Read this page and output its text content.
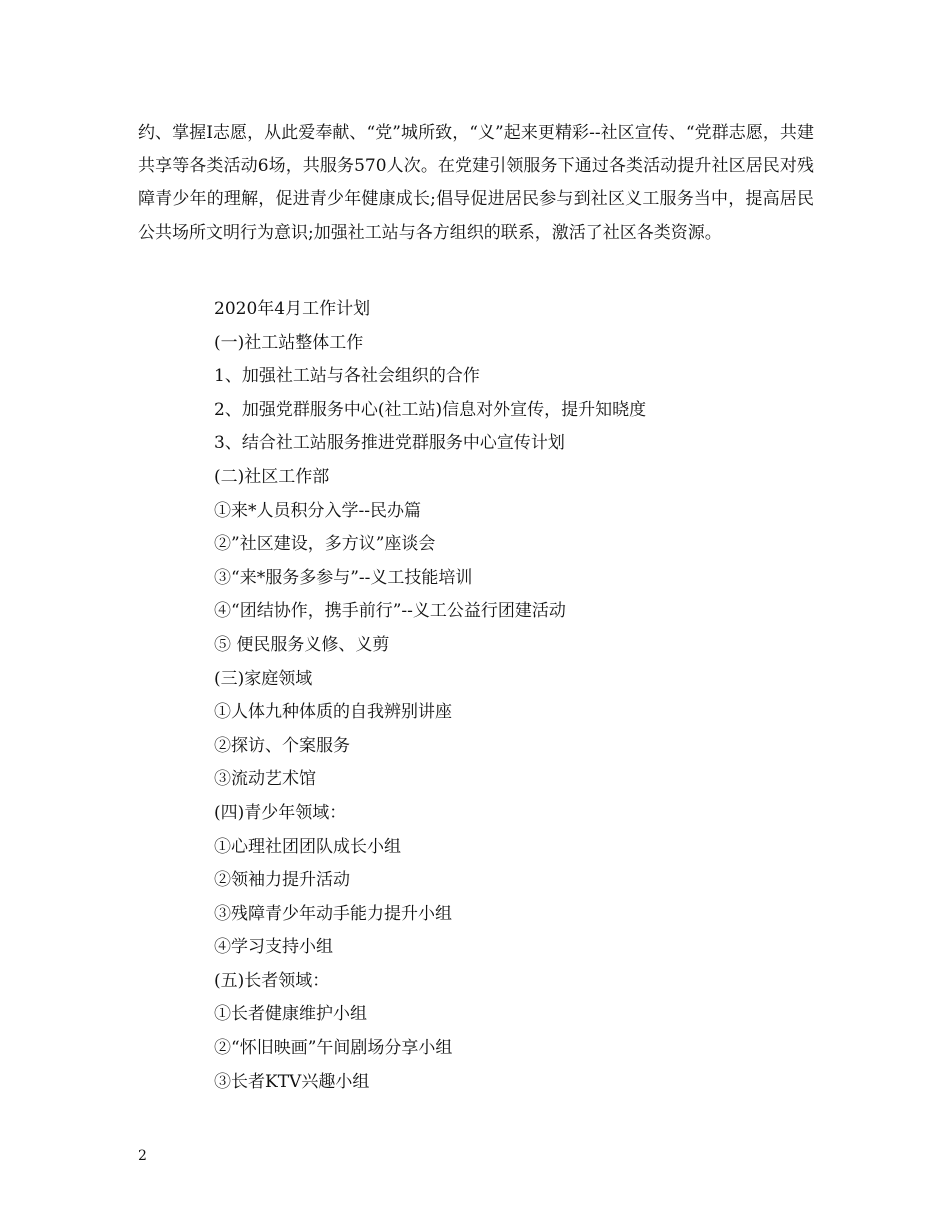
约、掌握I志愿，从此爱奉献、“党”城所致，“义”起来更精彩--社区宣传、“党群志愿，共建共享等各类活动6场，共服务570人次。在党建引领服务下通过各类活动提升社区居民对残障青少年的理解，促进青少年健康成长;倡导促进居民参与到社区义工服务当中，提高居民公共场所文明行为意识;加强社工站与各方组织的联系，激活了社区各类资源。

2020年4月工作计划
(一)社工站整体工作
1、加强社工站与各社会组织的合作
2、加强党群服务中心(社工站)信息对外宣传，提升知晓度
3、结合社工站服务推进党群服务中心宣传计划
(二)社区工作部
①来*人员积分入学--民办篇
②”社区建设，多方议”座谈会
③“来*服务多参与”--义工技能培训
④“团结协作，携手前行”--义工公益行团建活动
⑤ 便民服务义修、义剪
(三)家庭领域
①人体九种体质的自我辨别讲座
②探访、个案服务
③流动艺术馆
(四)青少年领域：
①心理社团团队成长小组
②领袖力提升活动
③残障青少年动手能力提升小组
④学习支持小组
(五)长者领域：
①长者健康维护小组
②“怀旧映画”午间剧场分享小组
③长者KTV兴趣小组
2
